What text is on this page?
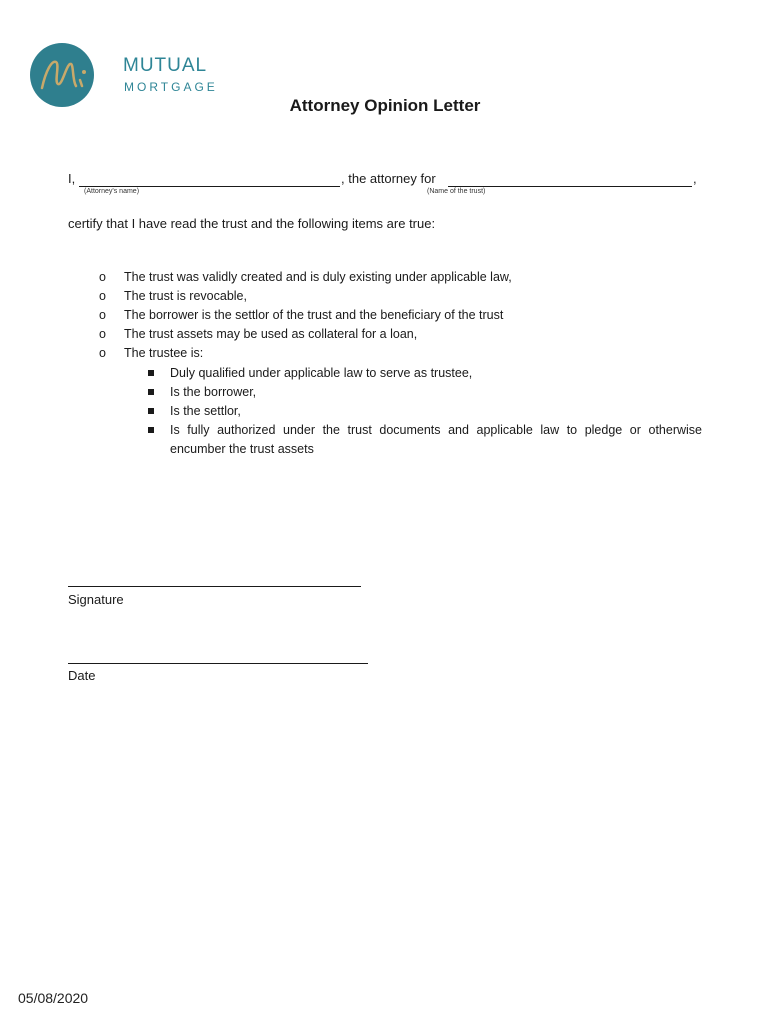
MUTUAL
MORTGAGE
Attorney Opinion Letter
I,	, the attorney for	,
(Attorney's name)	(Name of the trust)
certify that I have read the trust and the following items are true:
o The trust was validly created and is duly existing under applicable law,
o The trust is revocable,
o The borrower is the settlor of the trust and the beneficiary of the trust
o The trust assets may be used as collateral for a loan,
o The trustee is:
Duly qualified under applicable law to serve as trustee,
Is the borrower,
Is the settlor,
Is fully authorized under the trust documents and applicable law to pledge or otherwise encumber the trust assets
Signature
Date
05/08/2020
